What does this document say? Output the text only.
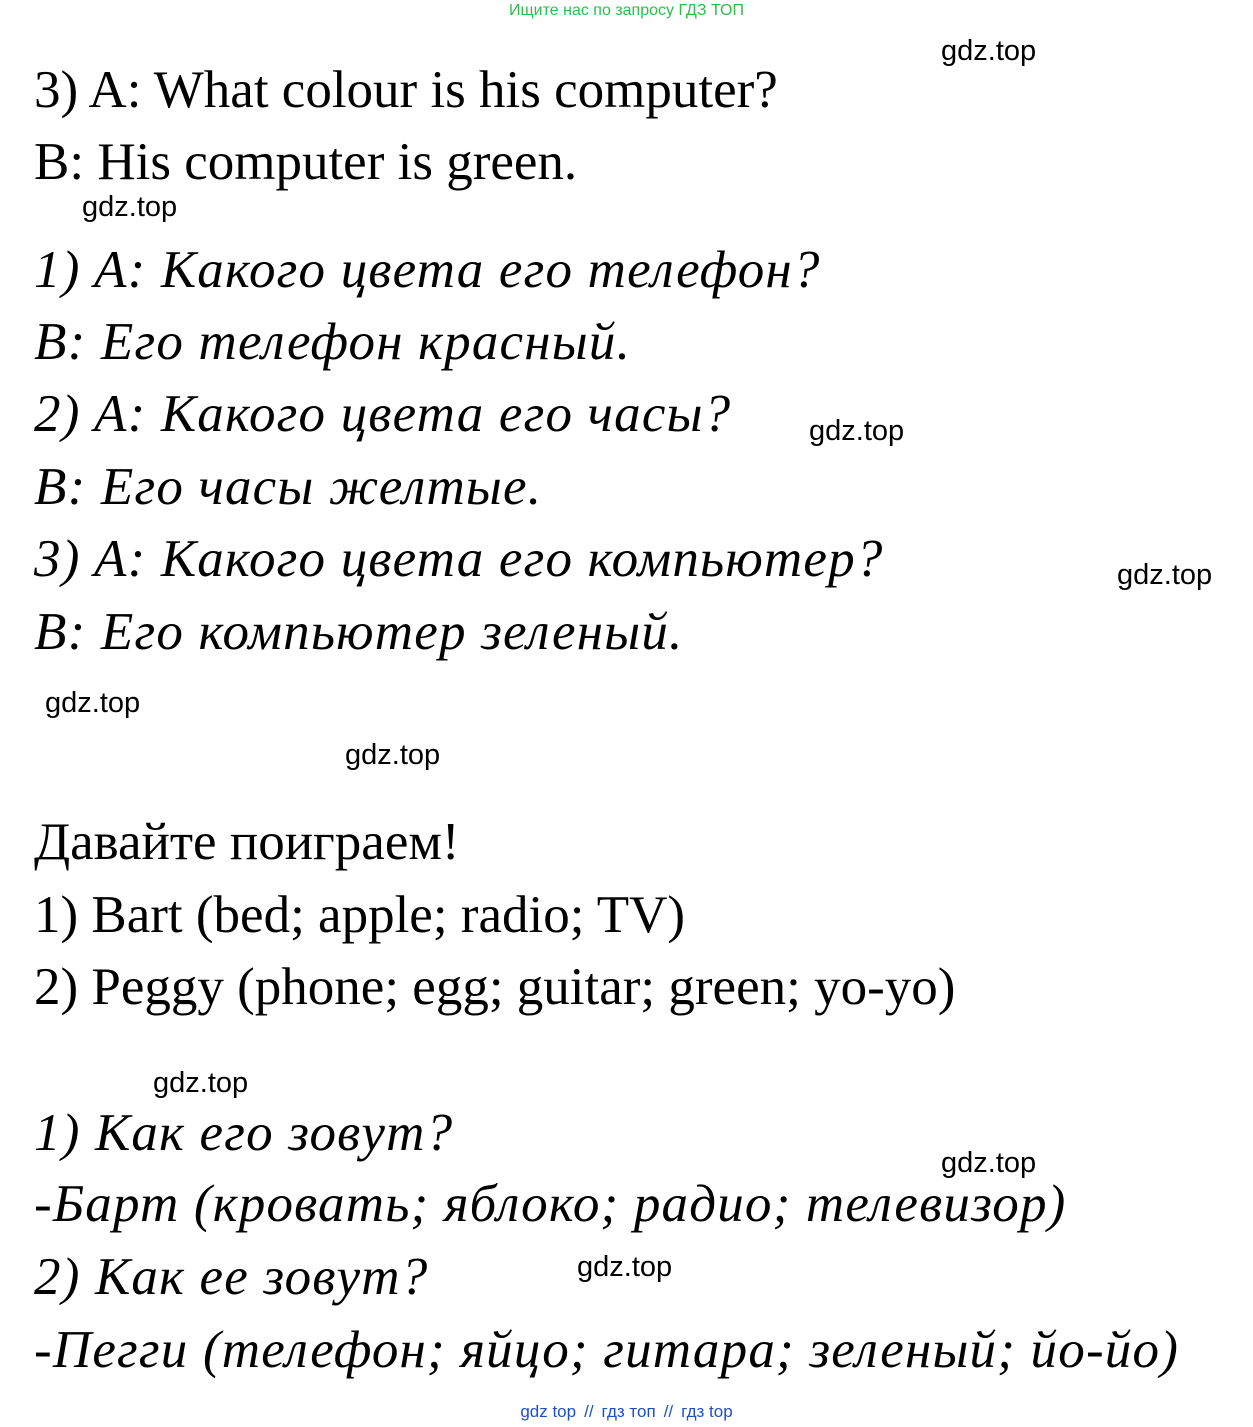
Ищите нас по запросу ГДЗ ТОП
3) A: What colour is his computer?
B: His computer is green.
1) A: Какого цвета его телефон?
B: Его телефон красный.
2) A: Какого цвета его часы?
B: Его часы желтые.
3) A: Какого цвета его компьютер?
B: Его компьютер зеленый.
Давайте поиграем!
1) Bart (bed; apple; radio; TV)
2) Peggy (phone; egg; guitar; green; yo-yo)
1) Как его зовут?
-Барт (кровать; яблоко; радио; телевизор)
2) Как ее зовут?
-Пегги (телефон; яйцо; гитара; зеленый; йо-йо)
gdz.top
gdz.top
gdz.top
gdz.top
gdz.top
gdz.top
gdz.top
gdz.top
gdz.top
gdz top // гдз топ // гдз top
